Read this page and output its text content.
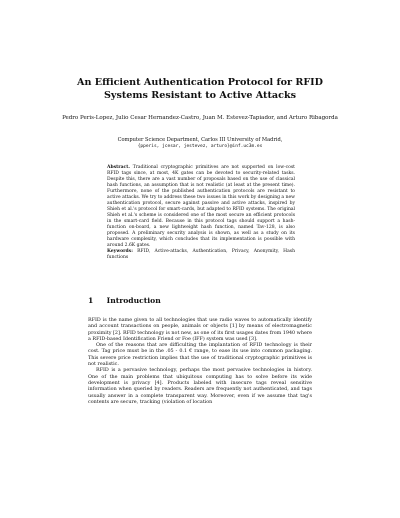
An Efficient Authentication Protocol for RFID Systems Resistant to Active Attacks
Pedro Peris-Lopez, Julio Cesar Hernandez-Castro, Juan M. Estevez-Tapiador, and Arturo Ribagorda
Computer Science Department, Carlos III University of Madrid,
{pperis, jcesar, jestevez, arturo}@inf.uc3m.es
Abstract. Traditional cryptographic primitives are not supported on low-cost RFID tags since, at most, 4K gates can be devoted to security-related tasks. Despite this, there are a vast number of proposals based on the use of classical hash functions, an assumption that is not realistic (at least at the present time). Furthermore, none of the published authentication protocols are resistant to active attacks. We try to address these two issues in this work by designing a new authentication protocol, secure against passive and active attacks, inspired by Shieh et al.'s protocol for smart-cards, but adapted to RFID systems. The original Shieh et al.'s scheme is considered one of the most secure an efficient protocols in the smart-card field. Because in this protocol tags should support a hash-function on-board, a new lightweight hash function, named Tav-128, is also proposed. A preliminary security analysis is shown, as well as a study on its hardware complexity, which concludes that its implementation is possible with around 2.6K gates.
Keywords: RFID, Active-attacks, Authentication, Privacy, Anonymity, Hash functions
1 Introduction

RFID is the name given to all technologies that use radio waves to automatically identify and account transactions on people, animals or objects [1] by means of electromagnetic proximity [2]. RFID technology is not new, as one of its first usages dates from 1940 where a RFID-based Identification Friend or Foe (IFF) system was used [3].

One of the reasons that are difficulting the implantation of RFID technology is their cost. Tag price must be in the .05 - 0.1 € range, to ease its use into common packaging. This severe price restriction implies that the use of traditional cryptographic primitives is not realistic.

RFID is a pervasive technology, perhaps the most pervasive technologies in history. One of the main problems that ubiquitous computing has to solve before its wide development is privacy [4]. Products labeled with insecure tags reveal sensitive information when queried by readers. Readers are frequently not authenticated, and tags usually answer in a complete transparent way. Moreover, even if we assume that tag's contents are secure, tracking (violation of location
